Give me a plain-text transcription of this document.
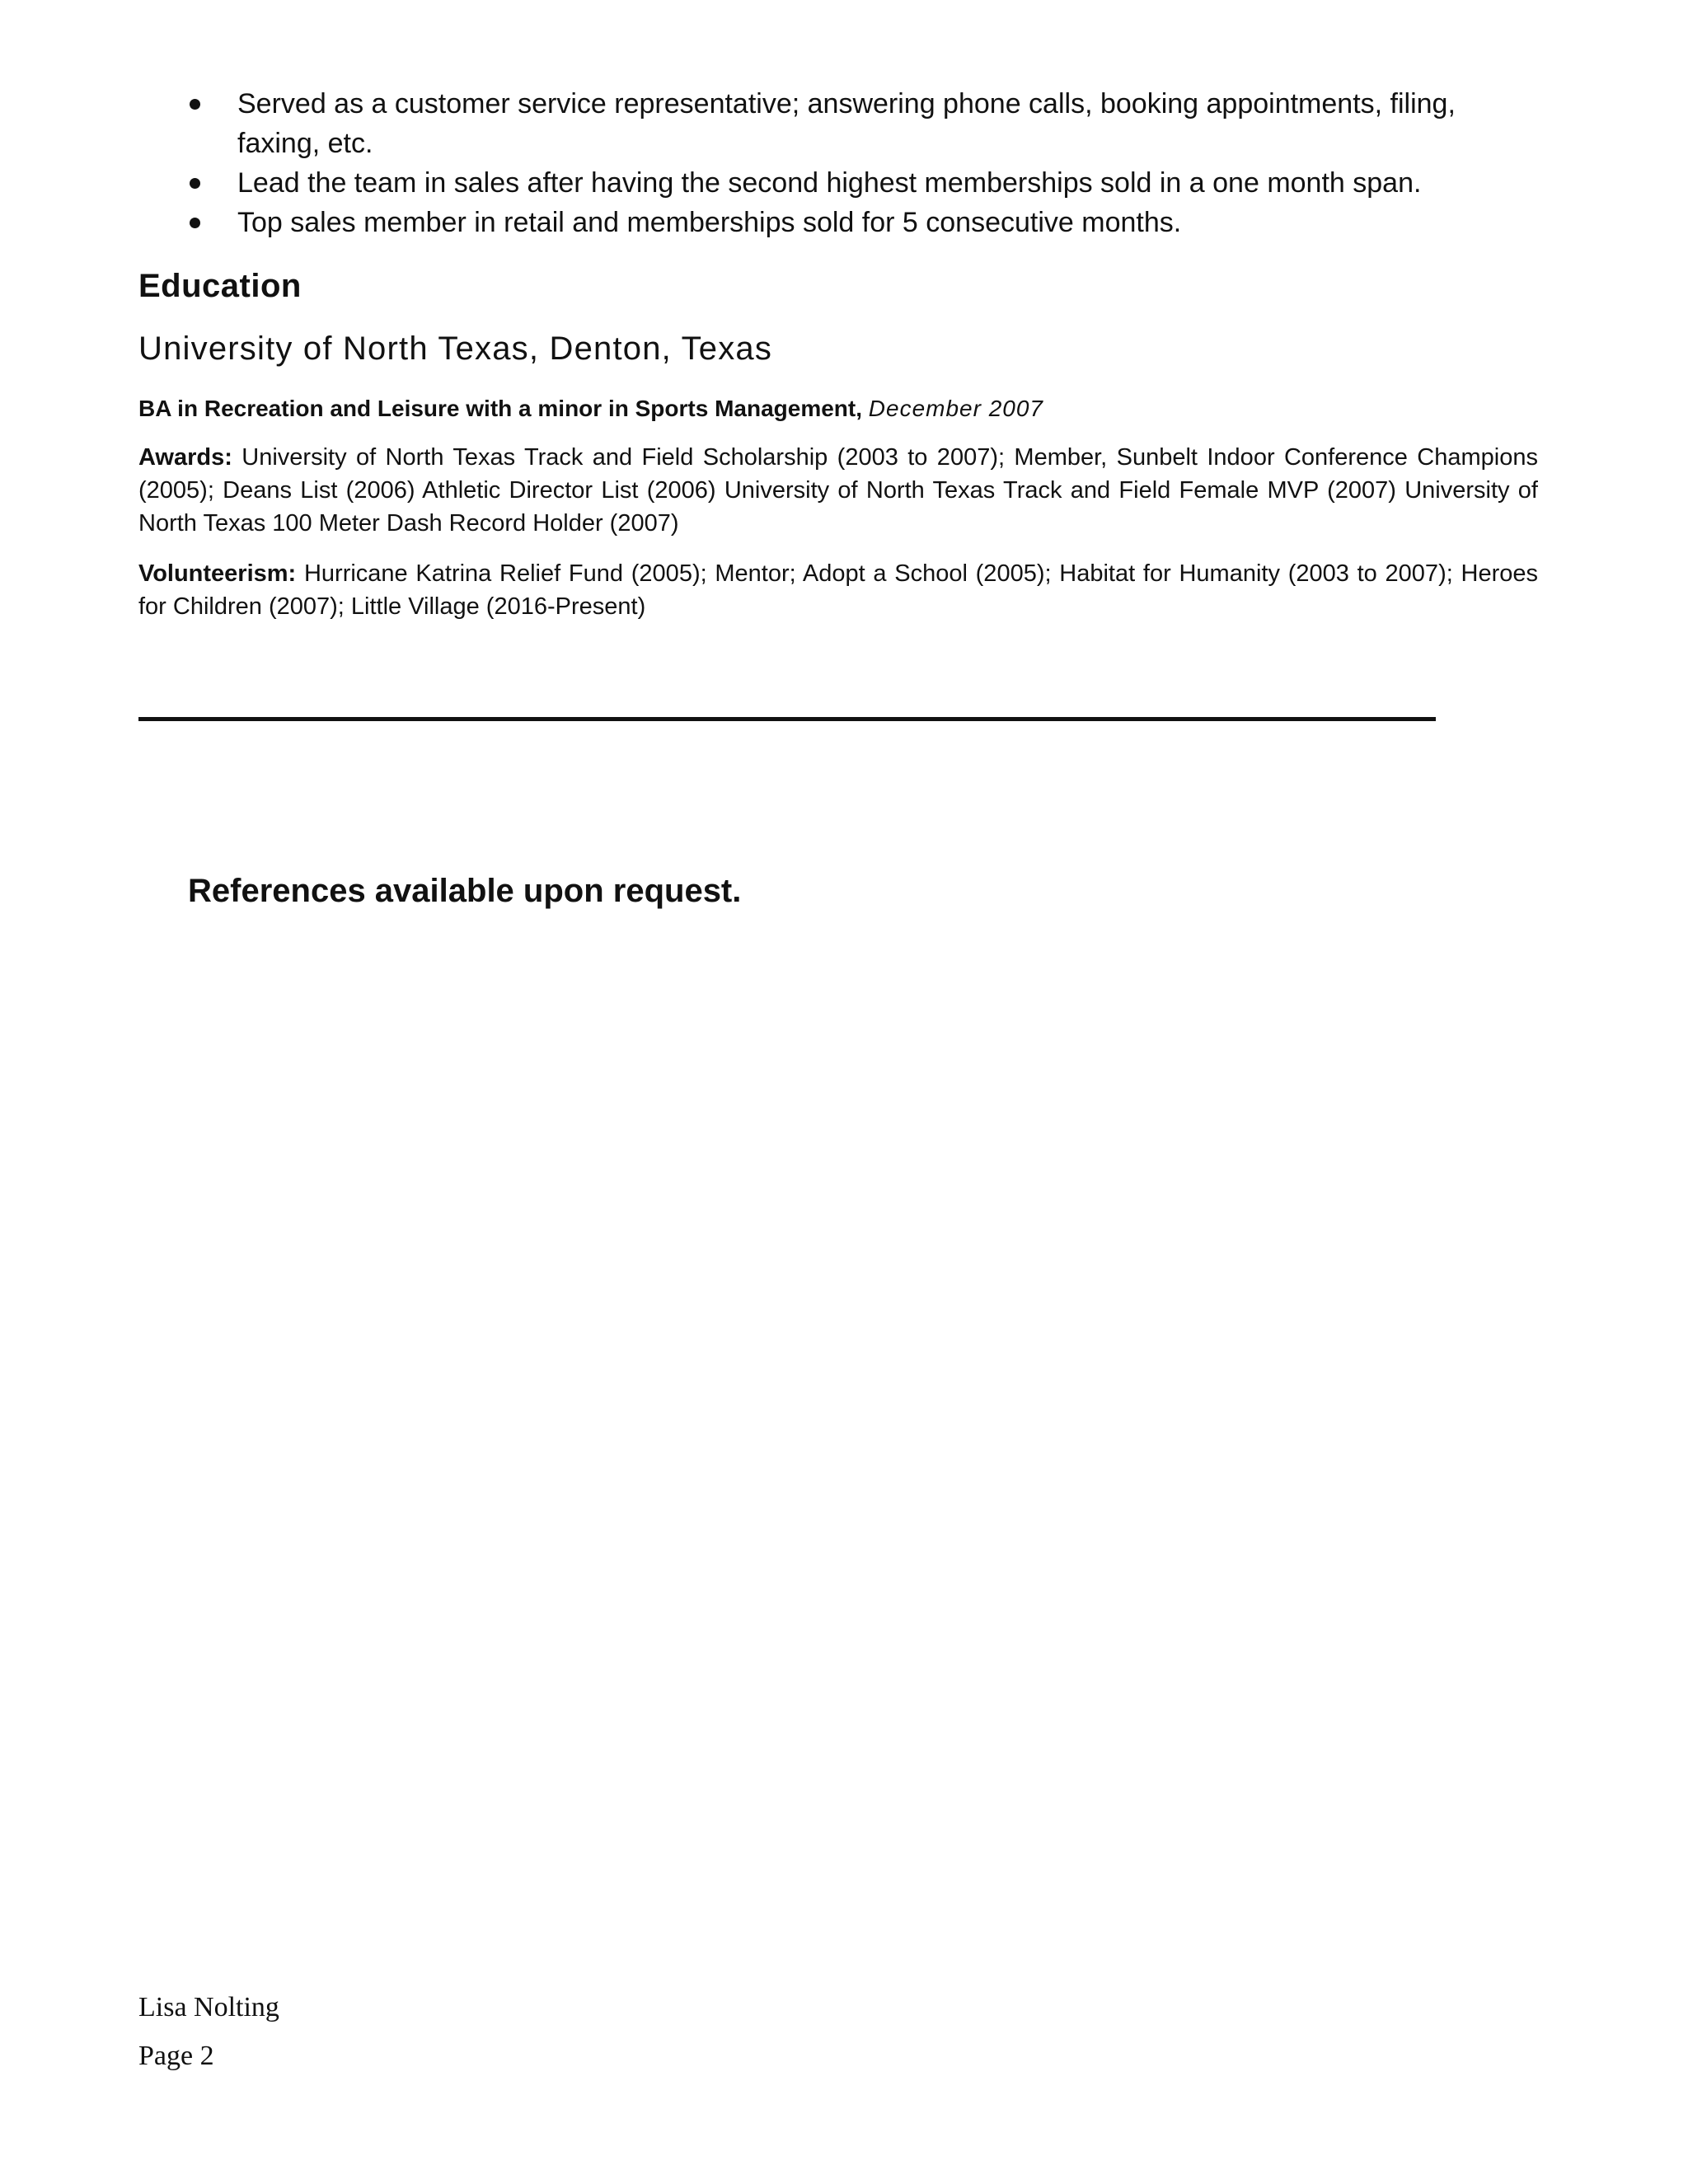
Served as a customer service representative; answering phone calls, booking appointments, filing, faxing, etc.
Lead the team in sales after having the second highest memberships sold in a one month span.
Top sales member in retail and memberships sold for 5 consecutive months.
Education
University of North Texas, Denton, Texas

BA in Recreation and Leisure with a minor in Sports Management, December 2007

Awards: University of North Texas Track and Field Scholarship (2003 to 2007); Member, Sunbelt Indoor Conference Champions (2005); Deans List (2006) Athletic Director List (2006) University of North Texas Track and Field Female MVP (2007) University of North Texas 100 Meter Dash Record Holder (2007)

Volunteerism: Hurricane Katrina Relief Fund (2005); Mentor; Adopt a School (2005); Habitat for Humanity (2003 to 2007); Heroes for Children (2007); Little Village (2016-Present)

References available upon request.

Lisa Nolting

Page 2
